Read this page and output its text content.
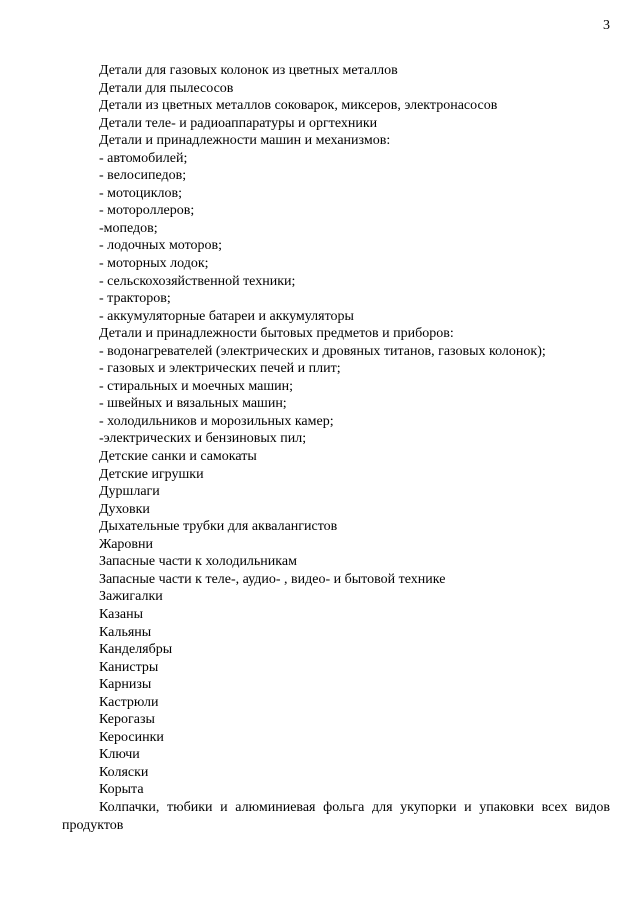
3
Детали для газовых колонок из цветных металлов
Детали для пылесосов
Детали из цветных металлов соковарок, миксеров, электронасосов
Детали теле- и радиоаппаратуры и оргтехники
Детали и принадлежности машин и механизмов:
- автомобилей;
- велосипедов;
- мотоциклов;
- мотороллеров;
-мопедов;
- лодочных моторов;
- моторных лодок;
- сельскохозяйственной техники;
- тракторов;
- аккумуляторные батареи и аккумуляторы
Детали и принадлежности бытовых предметов и приборов:
- водонагревателей (электрических и дровяных титанов, газовых колонок);
- газовых и электрических печей и плит;
- стиральных и моечных машин;
- швейных и вязальных машин;
- холодильников и морозильных камер;
-электрических и бензиновых пил;
Детские санки и самокаты
Детские игрушки
Дуршлаги
Духовки
Дыхательные трубки для аквалангистов
Жаровни
Запасные части к холодильникам
Запасные части к теле-, аудио- , видео- и бытовой технике
Зажигалки
Казаны
Кальяны
Канделябры
Канистры
Карнизы
Кастрюли
Керогазы
Керосинки
Ключи
Коляски
Корыта
Колпачки, тюбики и алюминиевая фольга для укупорки и упаковки всех видов продуктов
